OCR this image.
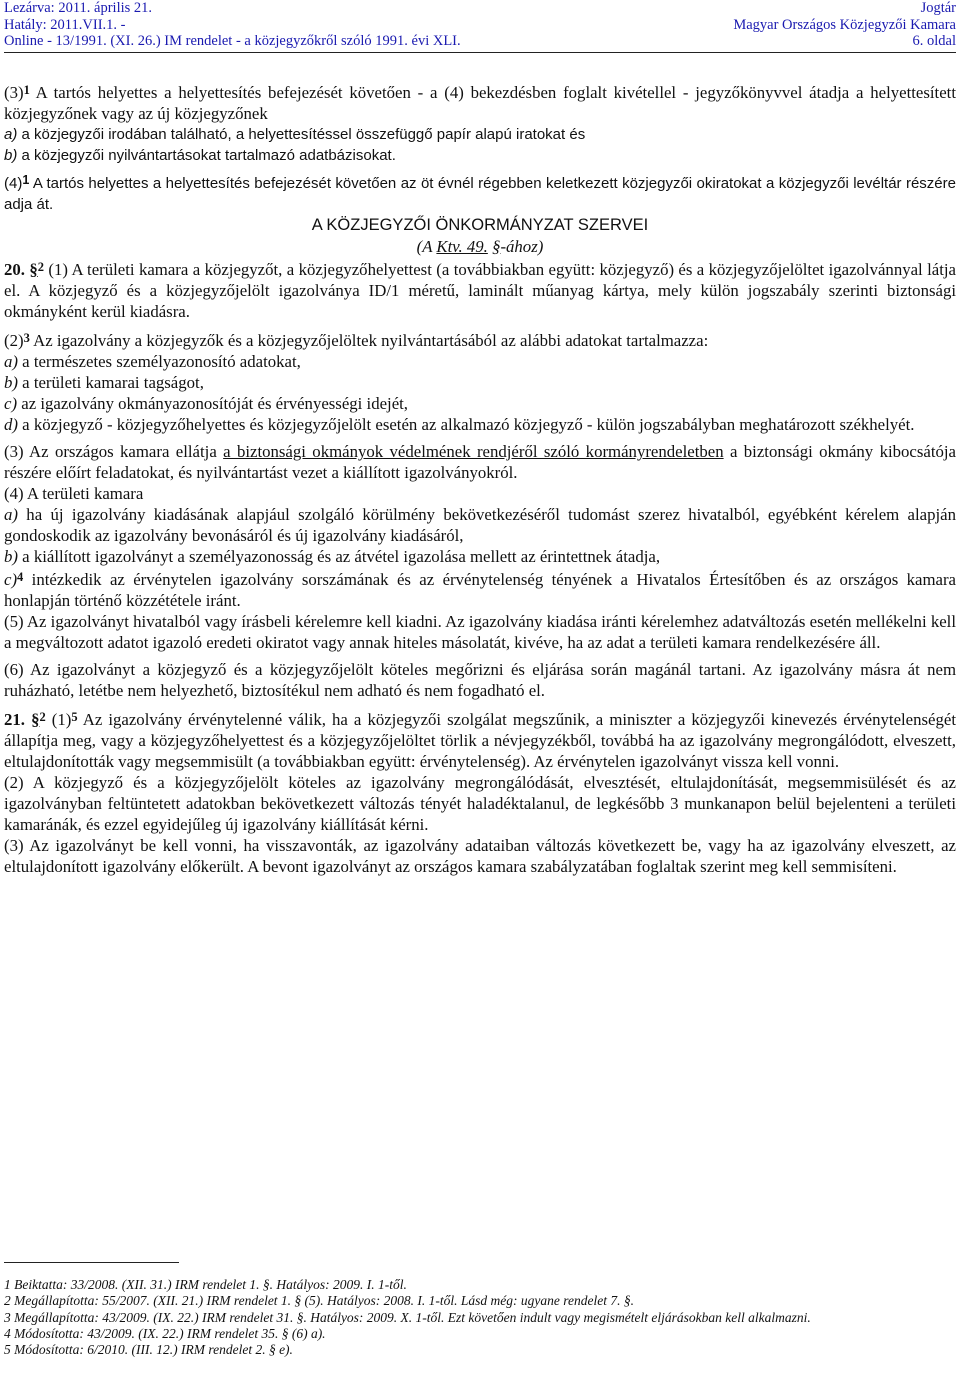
Lezárva: 2011. április 21.
Hatály: 2011.VII.1. -
Online - 13/1991. (XI. 26.) IM rendelet - a közjegyzőkről szóló 1991. évi XLI.
Jogtár
Magyar Országos Közjegyzői Kamara
6. oldal

$(3)^1$ A tartós helyettes a helyettesítés befejezését követően - a (4) bekezdésben foglalt kivétellel - jegyzőkönyvvel átadja a helyettesített közjegyzőnek vagy az új közjegyzőnek

a) a közjegyzői irodában található, a helyettesítéssel összefüggő papír alapú iratokat és

b) a közjegyzői nyilvántartásokat tartalmazó adatbázisokat.

$(4)^1$ A tartós helyettes a helyettesítés befejezését követően az öt évnél régebben keletkezett közjegyzői okiratokat a közjegyzői levéltár részére adja át.

A KÖZJEGYZŐI ÖNKORMÁNYZAT SZERVEI

(A Ktv. 49. §-ához)

20. §$^2$ (1) A területi kamara a közjegyzőt, a közjegyzőhelyettest (a továbbiakban együtt: közjegyző) és a közjegyzőjelöltet igazolvánnyal látja el. A közjegyző és a közjegyzőjelölt igazolványa ID/1 méretű, laminált műanyag kártya, mely külön jogszabály szerinti biztonsági okmányként kerül kiadásra.

$(2)^3$ Az igazolvány a közjegyzők és a közjegyzőjelöltek nyilvántartásából az alábbi adatokat tartalmazza:

a) a természetes személyazonosító adatokat,

b) a területi kamarai tagságot,

c) az igazolvány okmányazonosítóját és érvényességi idejét,

d) a közjegyző - közjegyzőhelyettes és közjegyzőjelölt esetén az alkalmazó közjegyző - külön jogszabályban meghatározott székhelyét.

(3) Az országos kamara ellátja a biztonsági okmányok védelmének rendjéről szóló kormányrendeletben a biztonsági okmány kibocsátója részére előírt feladatokat, és nyilvántartást vezet a kiállított igazolványokról.

(4) A területi kamara

a) ha új igazolvány kiadásának alapjául szolgáló körülmény bekövetkezéséről tudomást szerez hivatalból, egyébként kérelem alapján gondoskodik az igazolvány bevonásáról és új igazolvány kiadásáról,

b) a kiállított igazolványt a személyazonosság és az átvétel igazolása mellett az érintettnek átadja,

c)$^4$ intézkedik az érvénytelen igazolvány sorszámának és az érvénytelenség tényének a Hivatalos Értesítőben és az országos kamara honlapján történő közzététele iránt.

(5) Az igazolványt hivatalból vagy írásbeli kérelemre kell kiadni. Az igazolvány kiadása iránti kérelemhez adatváltozás esetén mellékelni kell a megváltozott adatot igazoló eredeti okiratot vagy annak hiteles másolatát, kivéve, ha az adat a területi kamara rendelkezésére áll.

(6) Az igazolványt a közjegyző és a közjegyzőjelölt köteles megőrizni és eljárása során magánál tartani. Az igazolvány másra át nem ruházható, letétbe nem helyezhető, biztosítékul nem adható és nem fogadható el.

21. §$^2$ $(1)^5$ Az igazolvány érvénytelenné válik, ha a közjegyzői szolgálat megszűnik, a miniszter a közjegyzői kinevezés érvénytelenségét állapítja meg, vagy a közjegyzőhelyettest és a közjegyzőjelöltet törlik a névjegyzékből, továbbá ha az igazolvány megrongálódott, elveszett, eltulajdonították vagy megsemmisült (a továbbiakban együtt: érvénytelenség). Az érvénytelen igazolványt vissza kell vonni.

(2) A közjegyző és a közjegyzőjelölt köteles az igazolvány megrongálódását, elvesztését, eltulajdonítását, megsemmisülését és az igazolványban feltüntetett adatokban bekövetkezett változás tényét haladéktalanul, de legkésőbb 3 munkanapon belül bejelenteni a területi kamaránák, és ezzel egyidejűleg új igazolvány kiállítását kérni.

(3) Az igazolványt be kell vonni, ha visszavonták, az igazolvány adataiban változás következett be, vagy ha az igazolvány elveszett, az eltulajdonított igazolvány előkerült. A bevont igazolványt az országos kamara szabályzatában foglaltak szerint meg kell semmisíteni.

1 Beiktatta: 33/2008. (XII. 31.) IRM rendelet 1. §. Hatályos: 2009. I. 1-től.

2 Megállapította: 55/2007. (XII. 21.) IRM rendelet 1. § (5). Hatályos: 2008. I. 1-től. Lásd még: ugyane rendelet 7. §.

3 Megállapította: 43/2009. (IX. 22.) IRM rendelet 31. §. Hatályos: 2009. X. 1-től. Ezt követően indult vagy megismételt eljárásokban kell alkalmazni.

4 Módosította: 43/2009. (IX. 22.) IRM rendelet 35. § (6) a).

5 Módosította: 6/2010. (III. 12.) IRM rendelet 2. § e).
